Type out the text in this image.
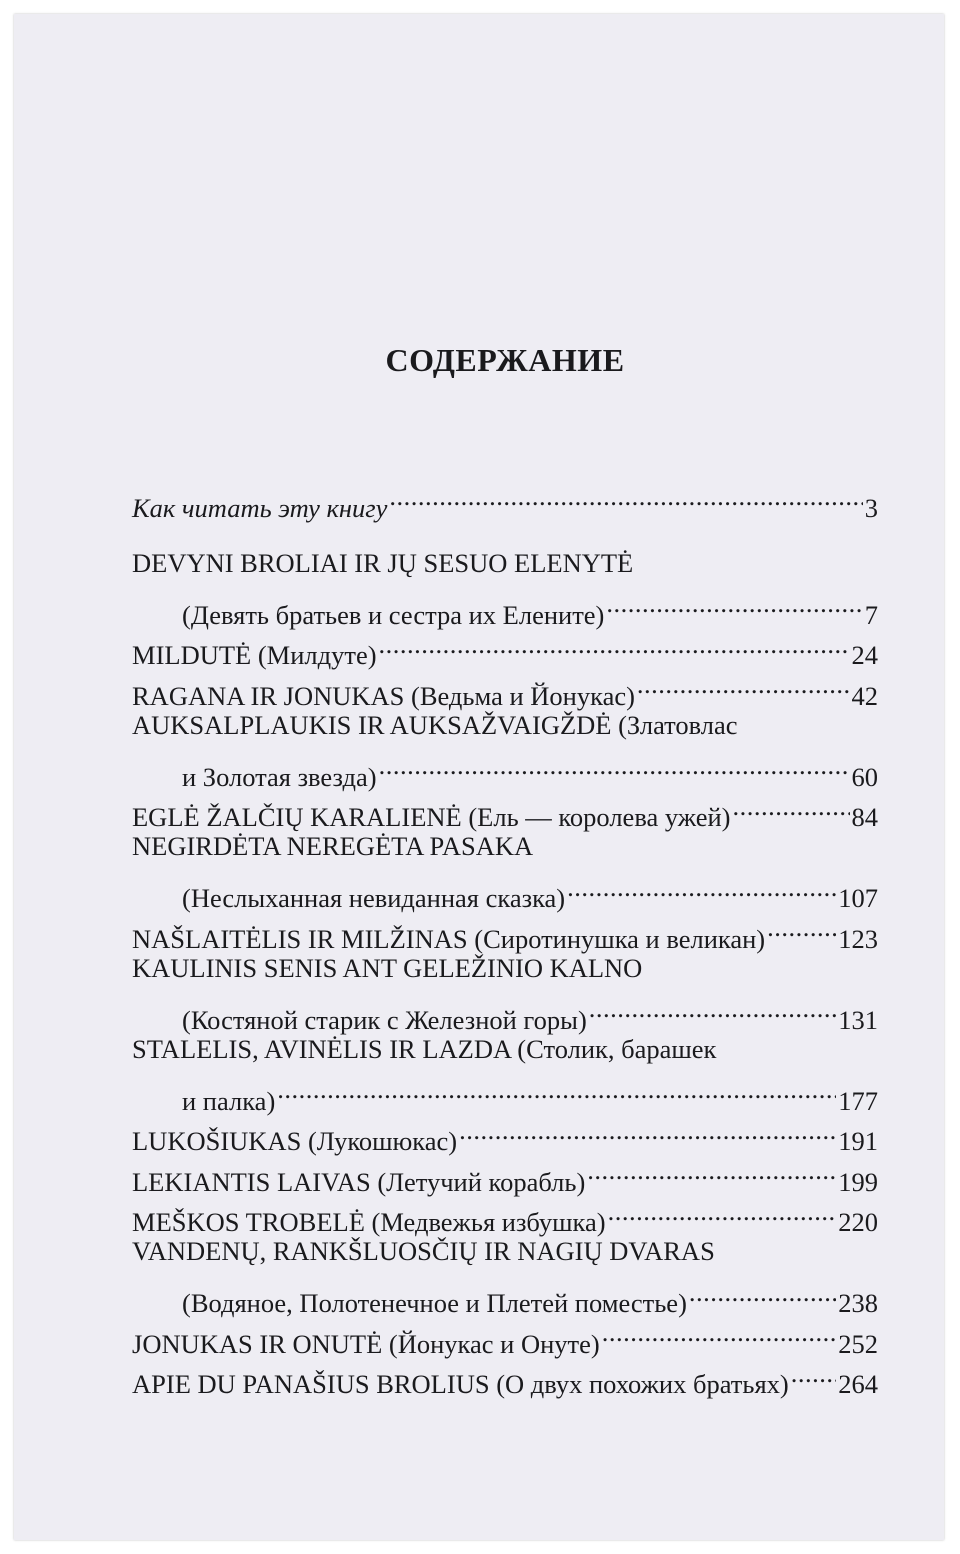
СОДЕРЖАНИЕ
Как читать эту книгу .....	3
DEVYNI BROLIAI IR JŲ SESUO ELENYTĖ
(Девять братьев и сестра их Елените) .....	7
MILDUTĖ (Милдуте) .....	24
RAGANA IR JONUKAS (Ведьма и Йонукас) .....	42
AUKSALPLAUKIS IR AUKSAŽVAIGŽDĖ (Златовлас
и Золотая звезда) .....	60
EGLĖ ŽALČIŲ KARALIENĖ (Ель — королева ужей) .....	84
NEGIRDĖTA NEREGĖTA PASAKA
(Неслыханная невиданная сказка) .....	107
NAŠLAITĖLIS IR MILŽINAS (Сиротинушка и великан) .....	123
KAULINIS SENIS ANT GELEŽINIO KALNO
(Костяной старик с Железной горы) .....	131
STALELIS, AVINĖLIS IR LAZDA (Столик, барашек
и палка) .....	177
LUKOŠIUKAS (Лукошюкас) .....	191
LEKIANTIS LAIVAS (Летучий корабль) .....	199
MEŠKOS TROBELĖ (Медвежья избушка) .....	220
VANDENŲ, RANKŠLUOSČIŲ IR NAGIŲ DVARAS
(Водяное, Полотенечное и Плетей поместье) .....	238
JONUKAS IR ONUTĖ (Йонукас и Онуте) .....	252
APIE DU PANAŠIUS BROLIUS (О двух похожих братьях) ..... 264
